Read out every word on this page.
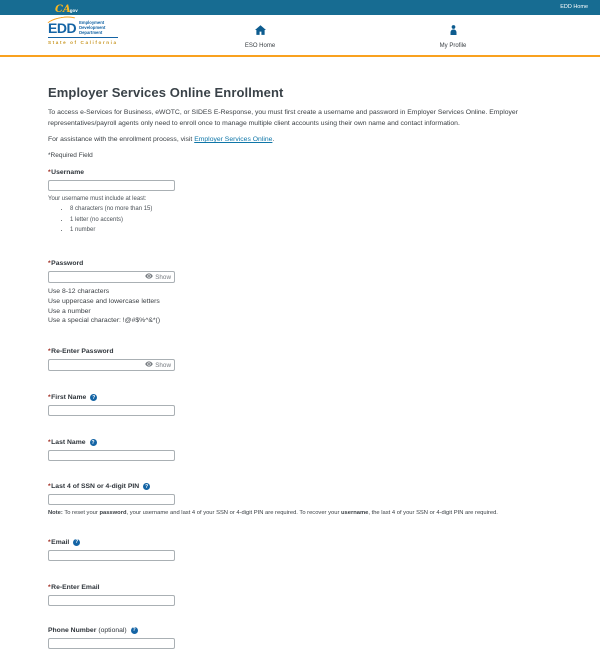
CAgov
EDD Home
EDD Employment
Development
Department
State of California
ESO Home	My Profile
Employer Services Online Enrollment

To access e-Services for Business, eWOTC, or SIDES E-Response, you must first create a username and password in Employer Services Online. Employer representatives/payroll agents only need to enroll once to manage multiple client accounts using their own name and contact information.

For assistance with the enrollment process, visit Employer Services Online.

*Required Field

* Username
Your username must include at least:
• 8 characters (no more than 15)
• 1 letter (no accents)
• 1 number
* Password
Show
Use 8-12 characters
Use uppercase and lowercase letters
Use a number
Use a special character: !@#$%^&*()
* Re-Enter Password
Show
* First Name	?
* Last Name	?
* Last 4 of SSN or 4-digit PIN	?
Note: To reset your password, your username and last 4 of your SSN or 4-digit PIN are required. To recover your username, the last 4 of your SSN or 4-digit PIN are required.
* Email	?
* Re-Enter Email
Phone Number (optional)	?
